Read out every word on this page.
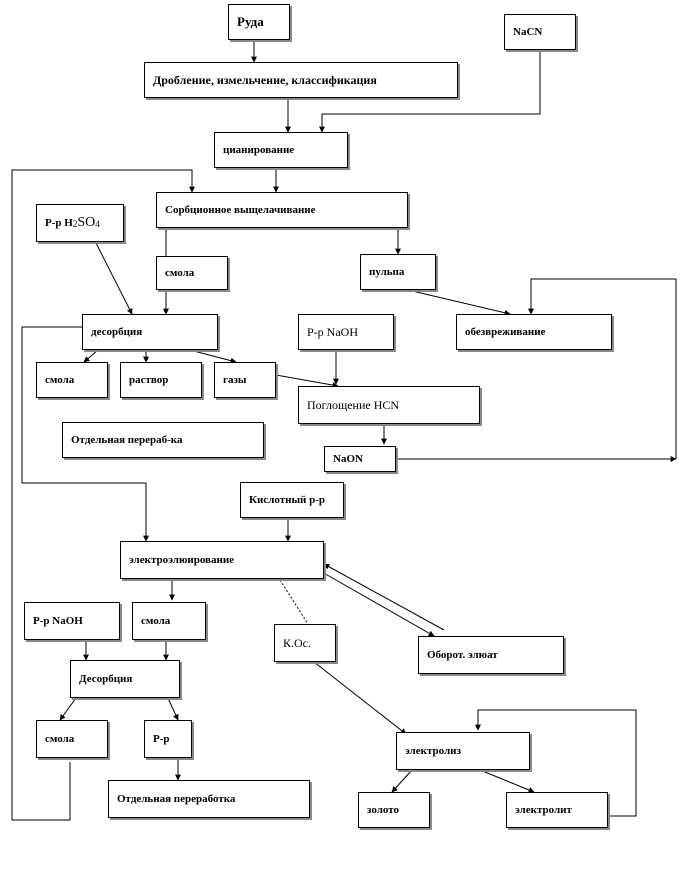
Руда
NaCN
Дробление, измельчение, классификация
цианирование
Сорбционное выщелачивание
Р-р H2SO4
смола	пульпа
десорбция	Р-р NaOH	обезвреживание
смола	раствор	газы
Поглощение HCN
Отдельная перераб-ка
NaON
Кислотный р-р
электроэлюирование
Р-р NaOH	смола
К.Ос.
Оборот. элюат
Десорбция
смола	Р-р
электролиз
Отдельная переработка
золото	электролит
